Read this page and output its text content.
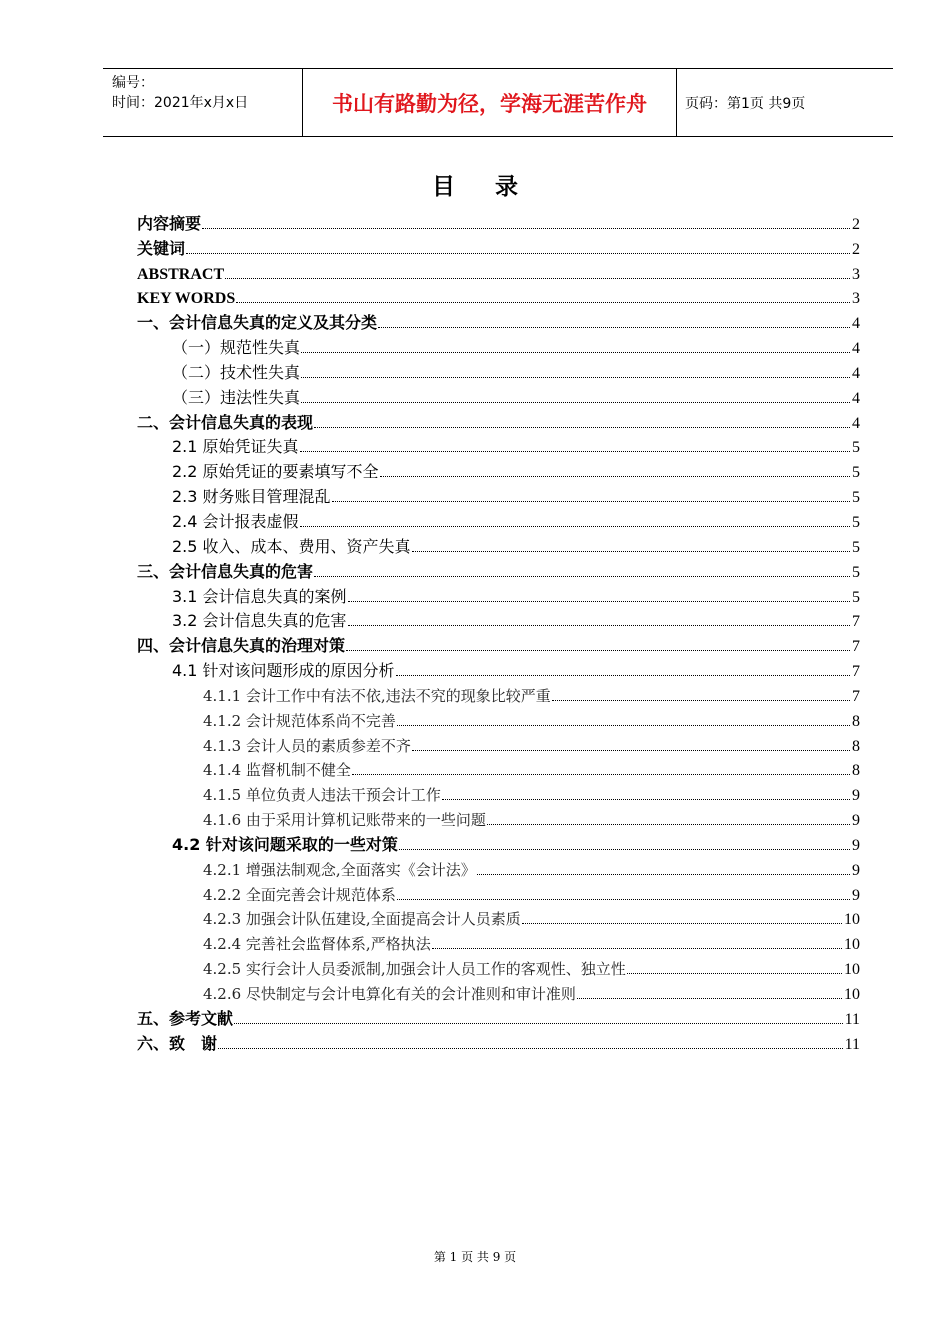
编号：
时间：2021年x月x日	书山有路勤为径，学海无涯苦作舟	页码：第1页 共9页
目录
内容摘要	2
关键词	2
ABSTRACT	3
KEY WORDS	3
一、会计信息失真的定义及其分类	4
（一）规范性失真	4
（二）技术性失真	4
（三）违法性失真	4
二、会计信息失真的表现	4
2.1 原始凭证失真	5
2.2 原始凭证的要素填写不全	5
2.3 财务账目管理混乱	5
2.4 会计报表虚假	5
2.5 收入、成本、费用、资产失真	5
三、会计信息失真的危害	5
3.1 会计信息失真的案例	5
3.2 会计信息失真的危害	7
四、会计信息失真的治理对策	7
4.1 针对该问题形成的原因分析	7
4.1.1 会计工作中有法不依,违法不究的现象比较严重	7
4.1.2 会计规范体系尚不完善	8
4.1.3 会计人员的素质参差不齐	8
4.1.4 监督机制不健全	8
4.1.5 单位负责人违法干预会计工作	9
4.1.6 由于采用计算机记账带来的一些问题	9
4.2 针对该问题采取的一些对策	9
4.2.1 增强法制观念,全面落实《会计法》	9
4.2.2 全面完善会计规范体系	9
4.2.3 加强会计队伍建设,全面提高会计人员素质	10
4.2.4 完善社会监督体系,严格执法	10
4.2.5 实行会计人员委派制,加强会计人员工作的客观性、独立性	10
4.2.6 尽快制定与会计电算化有关的会计准则和审计准则	10
五、参考文献	11
六、致　谢	11
第 1 页 共 9 页
